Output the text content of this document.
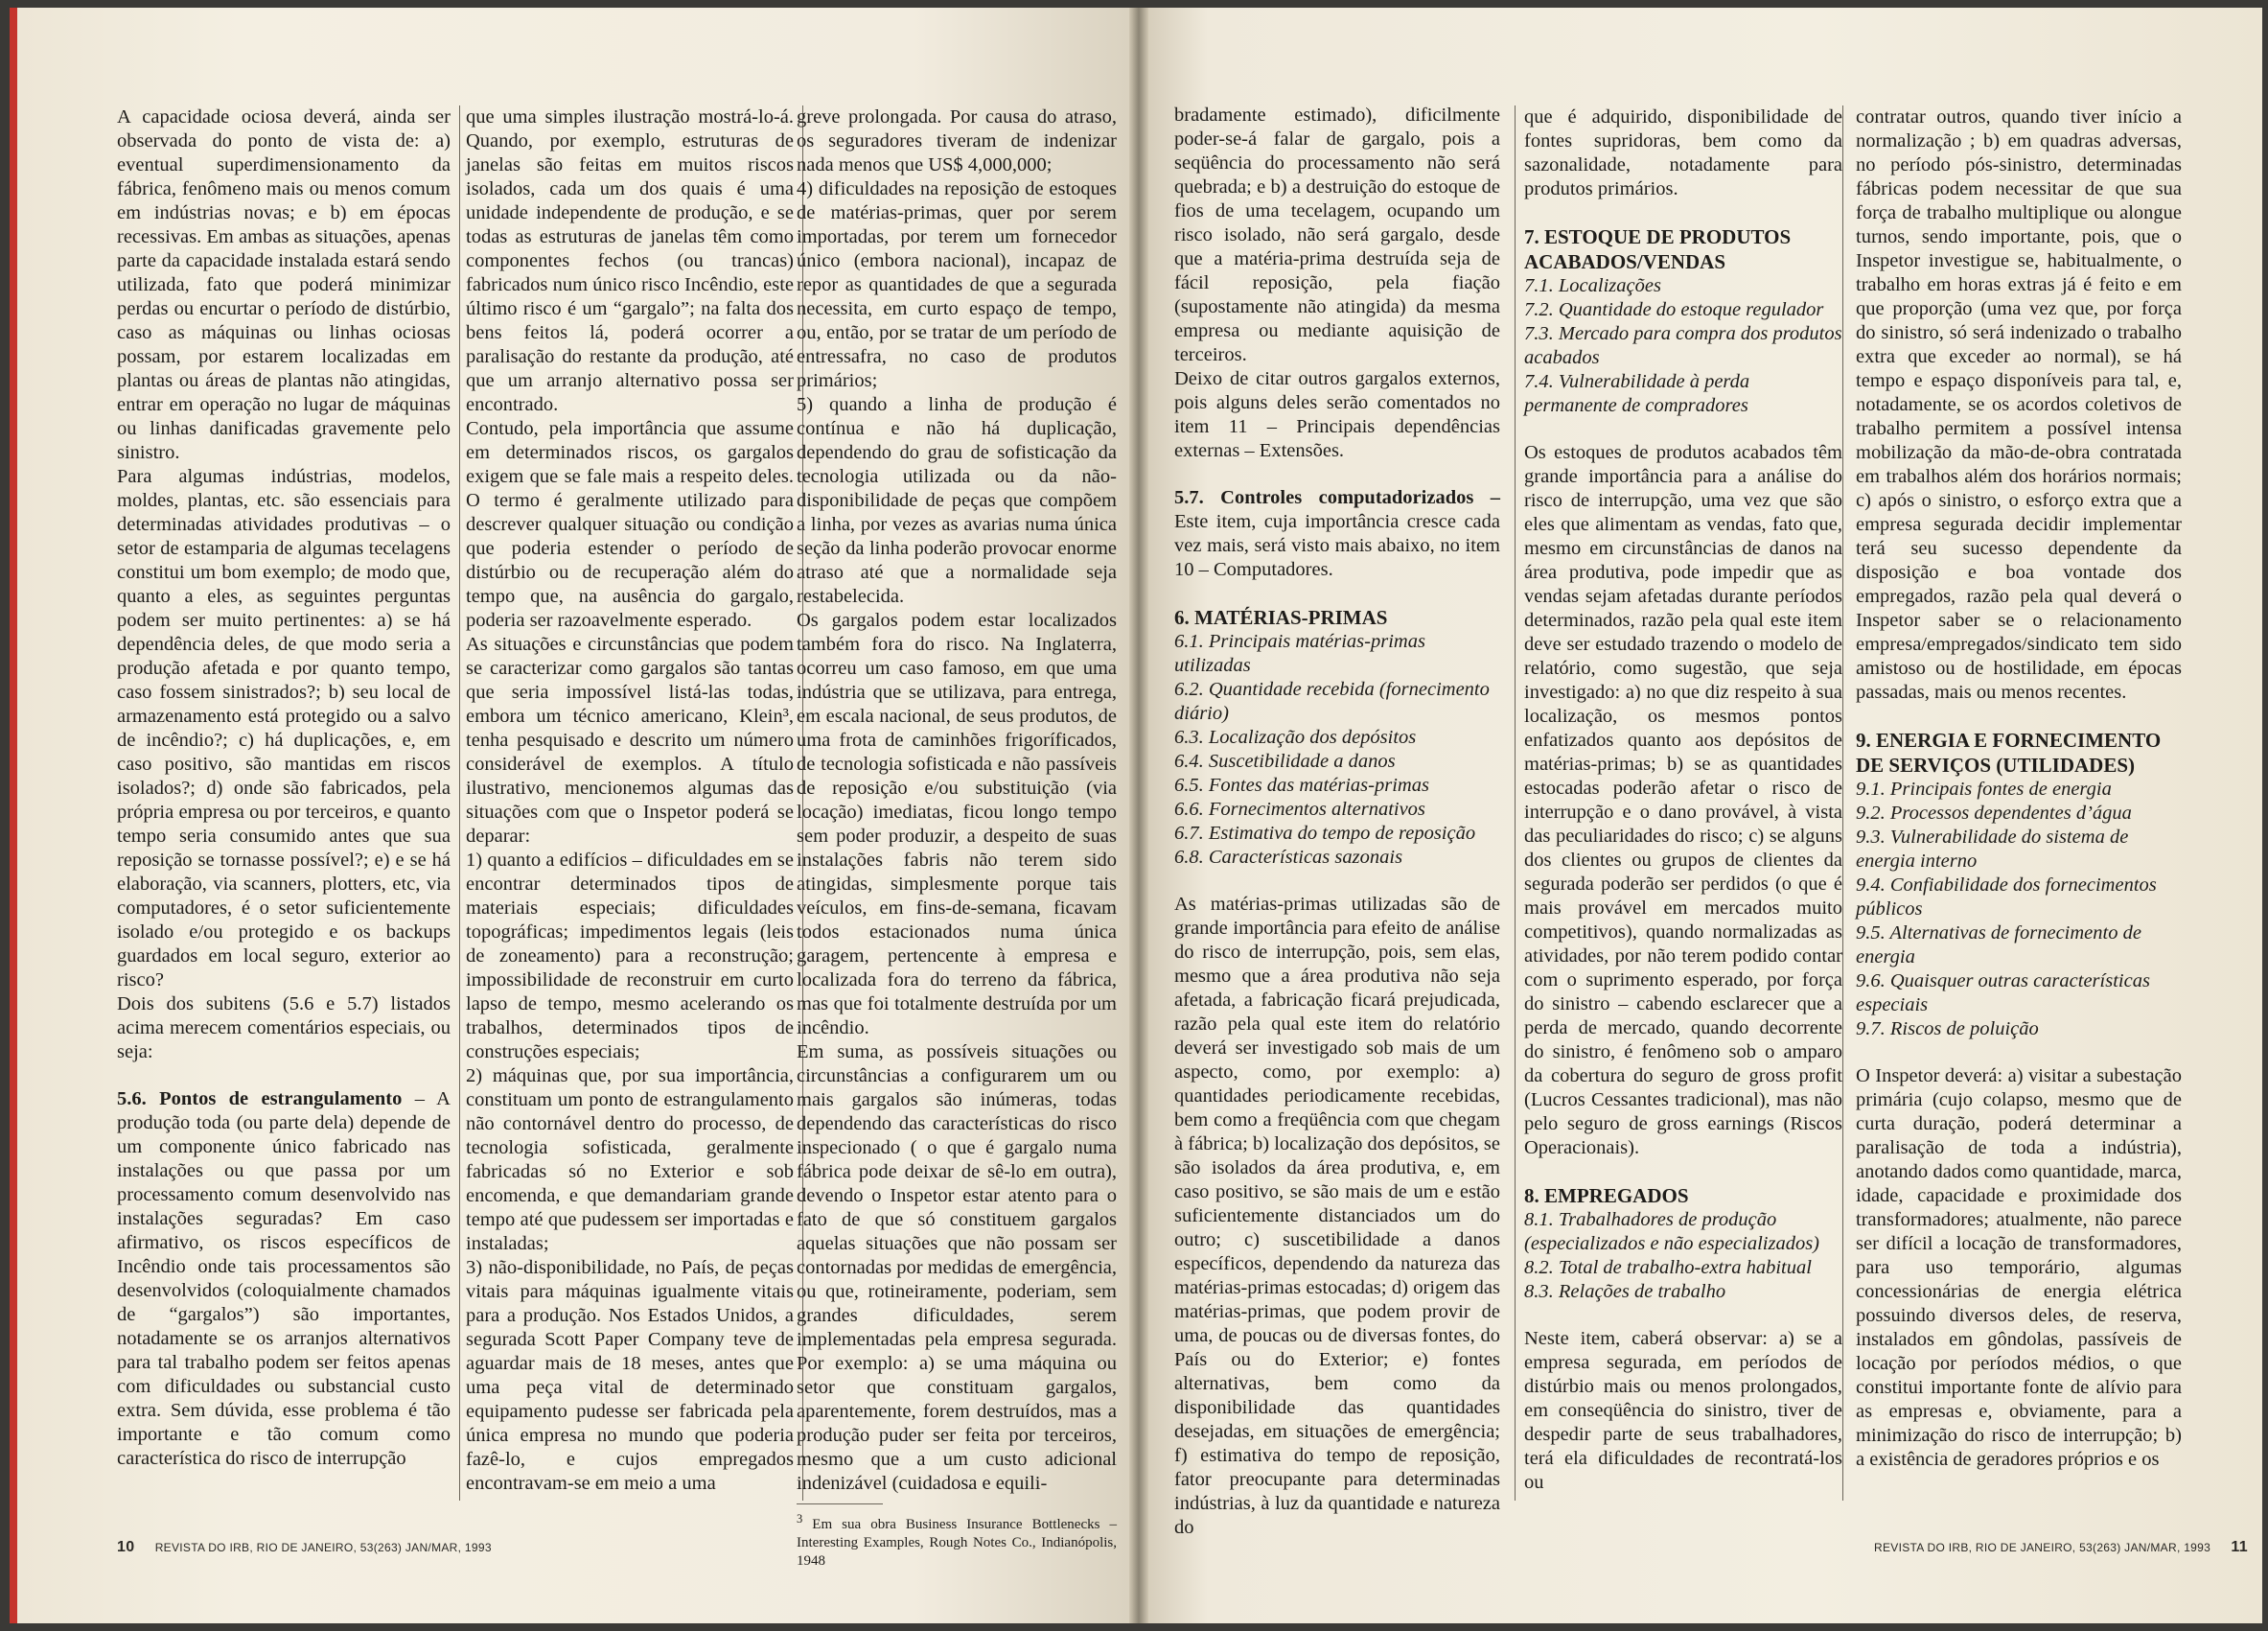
A capacidade ociosa deverá, ainda ser observada do ponto de vista de: a) eventual superdimensionamento da fábrica, fenômeno mais ou menos comum em indústrias novas; e b) em épocas recessivas. Em ambas as situações, apenas parte da capacidade instalada estará sendo utilizada, fato que poderá minimizar perdas ou encurtar o período de distúrbio, caso as máquinas ou linhas ociosas possam, por estarem localizadas em plantas ou áreas de plantas não atingidas, entrar em operação no lugar de máquinas ou linhas danificadas gravemente pelo sinistro.

Para algumas indústrias, modelos, moldes, plantas, etc. são essenciais para determinadas atividades produtivas – o setor de estamparia de algumas tecelagens constitui um bom exemplo; de modo que, quanto a eles, as seguintes perguntas podem ser muito pertinentes: a) se há dependência deles, de que modo seria a produção afetada e por quanto tempo, caso fossem sinistrados?; b) seu local de armazenamento está protegido ou a salvo de incêndio?; c) há duplicações, e, em caso positivo, são mantidas em riscos isolados?; d) onde são fabricados, pela própria empresa ou por terceiros, e quanto tempo seria consumido antes que sua reposição se tornasse possível?; e) e se há elaboração, via scanners, plotters, etc, via computadores, é o setor suficientemente isolado e/ou protegido e os backups guardados em local seguro, exterior ao risco?

Dois dos subitens (5.6 e 5.7) listados acima merecem comentários especiais, ou seja:

5.6. Pontos de estrangulamento – A produção toda (ou parte dela) depende de um componente único fabricado nas instalações ou que passa por um processamento comum desenvolvido nas instalações seguradas? Em caso afirmativo, os riscos específicos de Incêndio onde tais processamentos são desenvolvidos (coloquialmente chamados de “gargalos”) são importantes, notadamente se os arranjos alternativos para tal trabalho podem ser feitos apenas com dificuldades ou substancial custo extra. Sem dúvida, esse problema é tão importante e tão comum como característica do risco de interrupção

que uma simples ilustração mostrá-lo-á. Quando, por exemplo, estruturas de janelas são feitas em muitos riscos isolados, cada um dos quais é uma unidade independente de produção, e se todas as estruturas de janelas têm como componentes fechos (ou trancas) fabricados num único risco Incêndio, este último risco é um “gargalo”; na falta dos bens feitos lá, poderá ocorrer a paralisação do restante da produção, até que um arranjo alternativo possa ser encontrado.

Contudo, pela importância que assume em determinados riscos, os gargalos exigem que se fale mais a respeito deles. O termo é geralmente utilizado para descrever qualquer situação ou condição que poderia estender o período de distúrbio ou de recuperação além do tempo que, na ausência do gargalo, poderia ser razoavelmente esperado.

As situações e circunstâncias que podem se caracterizar como gargalos são tantas que seria impossível listá-las todas, embora um técnico americano, Klein³, tenha pesquisado e descrito um número considerável de exemplos. A título ilustrativo, mencionemos algumas das situações com que o Inspetor poderá se deparar:

1) quanto a edifícios – dificuldades em se encontrar determinados tipos de materiais especiais; dificuldades topográficas; impedimentos legais (leis de zoneamento) para a reconstrução; impossibilidade de reconstruir em curto lapso de tempo, mesmo acelerando os trabalhos, determinados tipos de construções especiais;

2) máquinas que, por sua importância, constituam um ponto de estrangulamento não contornável dentro do processo, de tecnologia sofisticada, geralmente fabricadas só no Exterior e sob encomenda, e que demandariam grande tempo até que pudessem ser importadas e instaladas;

3) não-disponibilidade, no País, de peças vitais para máquinas igualmente vitais para a produção. Nos Estados Unidos, a segurada Scott Paper Company teve de aguardar mais de 18 meses, antes que uma peça vital de determinado equipamento pudesse ser fabricada pela única empresa no mundo que poderia fazê-lo, e cujos empregados encontravam-se em meio a uma

greve prolongada. Por causa do atraso, os seguradores tiveram de indenizar nada menos que US$ 4,000,000;

4) dificuldades na reposição de estoques de matérias-primas, quer por serem importadas, por terem um fornecedor único (embora nacional), incapaz de repor as quantidades de que a segurada necessita, em curto espaço de tempo, ou, então, por se tratar de um período de entressafra, no caso de produtos primários;

5) quando a linha de produção é contínua e não há duplicação, dependendo do grau de sofisticação da tecnologia utilizada ou da não-disponibilidade de peças que compõem a linha, por vezes as avarias numa única seção da linha poderão provocar enorme atraso até que a normalidade seja restabelecida.

Os gargalos podem estar localizados também fora do risco. Na Inglaterra, ocorreu um caso famoso, em que uma indústria que se utilizava, para entrega, em escala nacional, de seus produtos, de uma frota de caminhões frigoríficados, de tecnologia sofisticada e não passíveis de reposição e/ou substituição (via locação) imediatas, ficou longo tempo sem poder produzir, a despeito de suas instalações fabris não terem sido atingidas, simplesmente porque tais veículos, em fins-de-semana, ficavam todos estacionados numa única garagem, pertencente à empresa e localizada fora do terreno da fábrica, mas que foi totalmente destruída por um incêndio.

Em suma, as possíveis situações ou circunstâncias a configurarem um ou mais gargalos são inúmeras, todas dependendo das características do risco inspecionado ( o que é gargalo numa fábrica pode deixar de sê-lo em outra), devendo o Inspetor estar atento para o fato de que só constituem gargalos aquelas situações que não possam ser contornadas por medidas de emergência, ou que, rotineiramente, poderiam, sem grandes dificuldades, serem implementadas pela empresa segurada. Por exemplo: a) se uma máquina ou setor que constituam gargalos, aparentemente, forem destruídos, mas a produção puder ser feita por terceiros, mesmo que a um custo adicional indenizável (cuidadosa e equili-

$^3$ Em sua obra Business Insurance Bottlenecks – Interesting Examples, Rough Notes Co., Indianópolis, 1948
10 REVISTA DO IRB, RIO DE JANEIRO, 53(263) JAN/MAR, 1993

bradamente estimado), dificilmente poder-se-á falar de gargalo, pois a seqüência do processamento não será quebrada; e b) a destruição do estoque de fios de uma tecelagem, ocupando um risco isolado, não será gargalo, desde que a matéria-prima destruída seja de fácil reposição, pela fiação (supostamente não atingida) da mesma empresa ou mediante aquisição de terceiros.

Deixo de citar outros gargalos externos, pois alguns deles serão comentados no item 11 – Principais dependências externas – Extensões.

5.7. Controles computadorizados – Este item, cuja importância cresce cada vez mais, será visto mais abaixo, no item 10 – Computadores.

6. MATÉRIAS-PRIMAS

6.1. Principais matérias-primas utilizadas

6.2. Quantidade recebida (fornecimento diário)

6.3. Localização dos depósitos

6.4. Suscetibilidade a danos

6.5. Fontes das matérias-primas

6.6. Fornecimentos alternativos

6.7. Estimativa do tempo de reposição

6.8. Características sazonais

As matérias-primas utilizadas são de grande importância para efeito de análise do risco de interrupção, pois, sem elas, mesmo que a área produtiva não seja afetada, a fabricação ficará prejudicada, razão pela qual este item do relatório deverá ser investigado sob mais de um aspecto, como, por exemplo: a) quantidades periodicamente recebidas, bem como a freqüência com que chegam à fábrica; b) localização dos depósitos, se são isolados da área produtiva, e, em caso positivo, se são mais de um e estão suficientemente distanciados um do outro; c) suscetibilidade a danos específicos, dependendo da natureza das matérias-primas estocadas; d) origem das matérias-primas, que podem provir de uma, de poucas ou de diversas fontes, do País ou do Exterior; e) fontes alternativas, bem como da disponibilidade das quantidades desejadas, em situações de emergência; f) estimativa do tempo de reposição, fator preocupante para determinadas indústrias, à luz da quantidade e natureza do

que é adquirido, disponibilidade de fontes supridoras, bem como da sazonalidade, notadamente para produtos primários.

7. ESTOQUE DE PRODUTOS ACABADOS/VENDAS

7.1. Localizações

7.2. Quantidade do estoque regulador

7.3. Mercado para compra dos produtos acabados

7.4. Vulnerabilidade à perda permanente de compradores

Os estoques de produtos acabados têm grande importância para a análise do risco de interrupção, uma vez que são eles que alimentam as vendas, fato que, mesmo em circunstâncias de danos na área produtiva, pode impedir que as vendas sejam afetadas durante períodos determinados, razão pela qual este item deve ser estudado trazendo o modelo de relatório, como sugestão, que seja investigado: a) no que diz respeito à sua localização, os mesmos pontos enfatizados quanto aos depósitos de matérias-primas; b) se as quantidades estocadas poderão afetar o risco de interrupção e o dano provável, à vista das peculiaridades do risco; c) se alguns dos clientes ou grupos de clientes da segurada poderão ser perdidos (o que é mais provável em mercados muito competitivos), quando normalizadas as atividades, por não terem podido contar com o suprimento esperado, por força do sinistro – cabendo esclarecer que a perda de mercado, quando decorrente do sinistro, é fenômeno sob o amparo da cobertura do seguro de gross profit (Lucros Cessantes tradicional), mas não pelo seguro de gross earnings (Riscos Operacionais).

8. EMPREGADOS

8.1. Trabalhadores de produção (especializados e não especializados)

8.2. Total de trabalho-extra habitual

8.3. Relações de trabalho

Neste item, caberá observar: a) se a empresa segurada, em períodos de distúrbio mais ou menos prolongados, em conseqüência do sinistro, tiver de despedir parte de seus trabalhadores, terá ela dificuldades de recontratá-los ou

contratar outros, quando tiver início a normalização ; b) em quadras adversas, no período pós-sinistro, determinadas fábricas podem necessitar de que sua força de trabalho multiplique ou alongue turnos, sendo importante, pois, que o Inspetor investigue se, habitualmente, o trabalho em horas extras já é feito e em que proporção (uma vez que, por força do sinistro, só será indenizado o trabalho extra que exceder ao normal), se há tempo e espaço disponíveis para tal, e, notadamente, se os acordos coletivos de trabalho permitem a possível intensa mobilização da mão-de-obra contratada em trabalhos além dos horários normais; c) após o sinistro, o esforço extra que a empresa segurada decidir implementar terá seu sucesso dependente da disposição e boa vontade dos empregados, razão pela qual deverá o Inspetor saber se o relacionamento empresa/empregados/sindicato tem sido amistoso ou de hostilidade, em épocas passadas, mais ou menos recentes.

9. ENERGIA E FORNECIMENTO DE SERVIÇOS (UTILIDADES)

9.1. Principais fontes de energia

9.2. Processos dependentes d’água

9.3. Vulnerabilidade do sistema de energia interno

9.4. Confiabilidade dos fornecimentos públicos

9.5. Alternativas de fornecimento de energia

9.6. Quaisquer outras características especiais

9.7. Riscos de poluição

O Inspetor deverá: a) visitar a subestação primária (cujo colapso, mesmo que de curta duração, poderá determinar a paralisação de toda a indústria), anotando dados como quantidade, marca, idade, capacidade e proximidade dos transformadores; atualmente, não parece ser difícil a locação de transformadores, para uso temporário, algumas concessionárias de energia elétrica possuindo diversos deles, de reserva, instalados em gôndolas, passíveis de locação por períodos médios, o que constitui importante fonte de alívio para as empresas e, obviamente, para a minimização do risco de interrupção; b) a existência de geradores próprios e os

REVISTA DO IRB, RIO DE JANEIRO, 53(263) JAN/MAR, 1993 11
